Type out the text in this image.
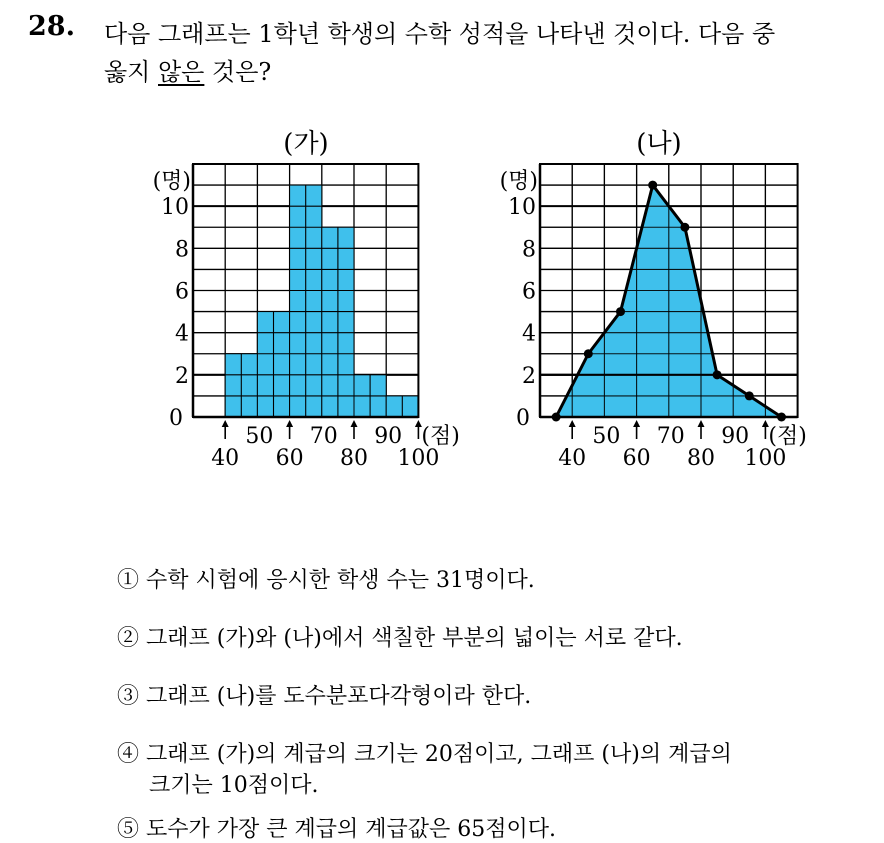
28. 다음 그래프는 1학년 학생의 수학 성적을 나타낸 것이다. 다음 중
옳지 않은 것은?
(가)
(명)
0
2
4
6
8
10
40 60 80 100
50 70 90 (점)
(나)
(명)
0
2
4
6
8
10
40 60 80 100
50 70 90 (점)
① 수학 시험에 응시한 학생 수는 31명이다.
② 그래프 (가)와 (나)에서 색칠한 부분의 넓이는 서로 같다.
③ 그래프 (나)를 도수분포다각형이라 한다.
④ 그래프 (가)의 계급의 크기는 20점이고, 그래프 (나)의 계급의
크기는 10점이다.
⑤ 도수가 가장 큰 계급의 계급값은 65점이다.
